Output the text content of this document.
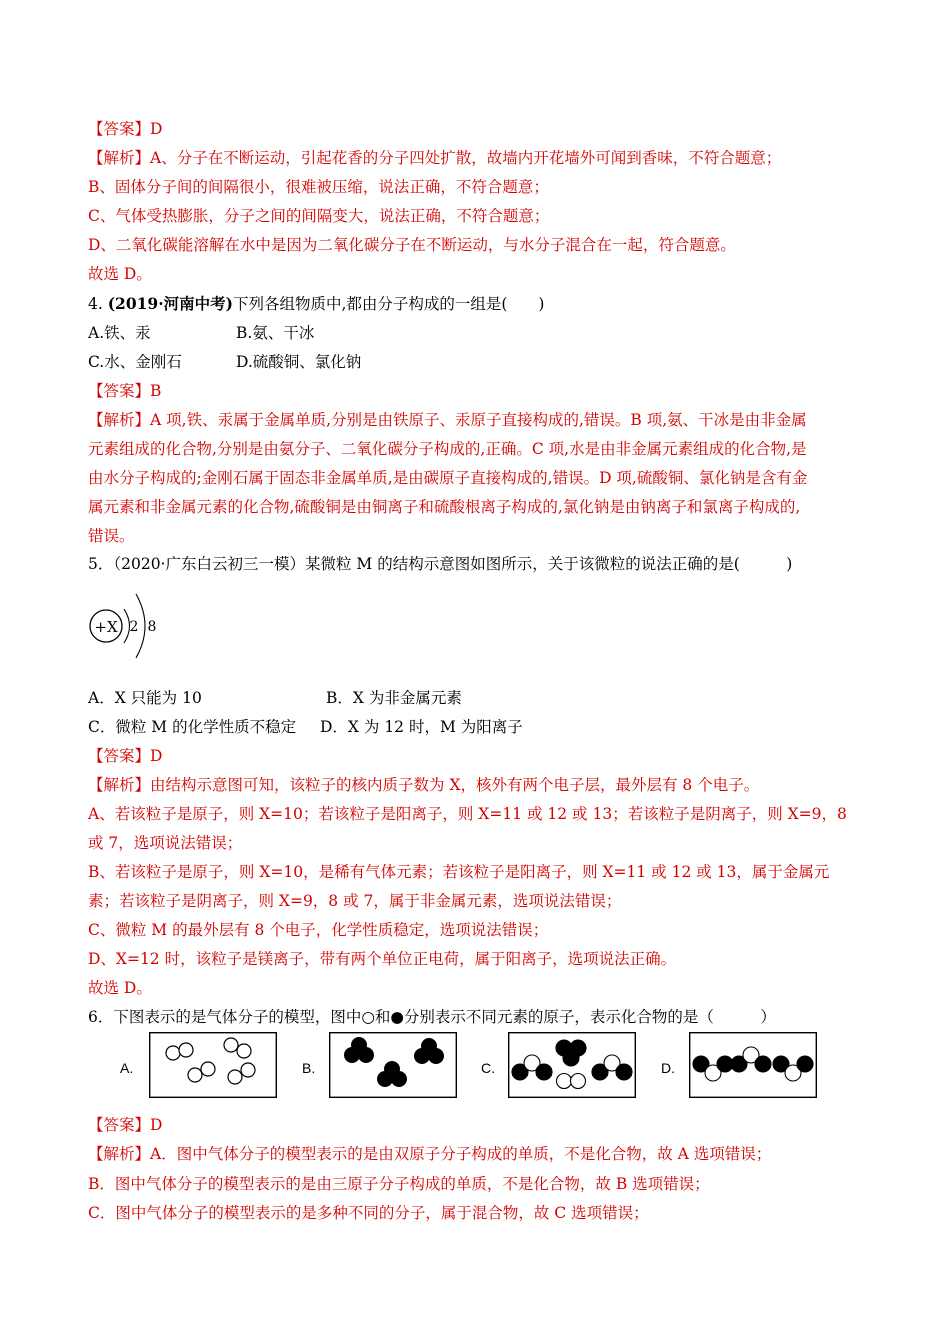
【答案】D
【解析】A、分子在不断运动，引起花香的分子四处扩散，故墙内开花墙外可闻到香味，不符合题意；
B、固体分子间的间隔很小，很难被压缩，说法正确，不符合题意；
C、气体受热膨胀，分子之间的间隔变大，说法正确，不符合题意；
D、二氧化碳能溶解在水中是因为二氧化碳分子在不断运动，与水分子混合在一起，符合题意。
故选 D。
4. (2019·河南中考)下列各组物质中,都由分子构成的一组是(　　)
A.铁、汞	B.氨、干冰
C.水、金刚石	D.硫酸铜、氯化钠
【答案】B
【解析】A 项,铁、汞属于金属单质,分别是由铁原子、汞原子直接构成的,错误。B 项,氨、干冰是由非金属
元素组成的化合物,分别是由氨分子、二氧化碳分子构成的,正确。C 项,水是由非金属元素组成的化合物,是
由水分子构成的;金刚石属于固态非金属单质,是由碳原子直接构成的,错误。D 项,硫酸铜、氯化钠是含有金
属元素和非金属元素的化合物,硫酸铜是由铜离子和硫酸根离子构成的,氯化钠是由钠离子和氯离子构成的,
错误。
5．（2020·广东白云初三一模）某微粒 M 的结构示意图如图所示，关于该微粒的说法正确的是(　　　)
+X 2 8
A．X 只能为 10	B．X 为非金属元素
C．微粒 M 的化学性质不稳定 D．X 为 12 时，M 为阳离子
【答案】D
【解析】由结构示意图可知，该粒子的核内质子数为 X，核外有两个电子层，最外层有 8 个电子。
A、若该粒子是原子，则 X=10；若该粒子是阳离子，则 X=11 或 12 或 13；若该粒子是阴离子，则 X=9，8
或 7，选项说法错误；
B、若该粒子是原子，则 X=10，是稀有气体元素；若该粒子是阳离子，则 X=11 或 12 或 13，属于金属元
素；若该粒子是阴离子，则 X=9，8 或 7，属于非金属元素，选项说法错误；
C、微粒 M 的最外层有 8 个电子，化学性质稳定，选项说法错误；
D、X=12 时，该粒子是镁离子，带有两个单位正电荷，属于阳离子，选项说法正确。
故选 D。
6．下图表示的是气体分子的模型，图中○和●分别表示不同元素的原子，表示化合物的是（　　　）
A.	B.	C.	D.
【答案】D
【解析】A．图中气体分子的模型表示的是由双原子分子构成的单质，不是化合物，故 A 选项错误；
B．图中气体分子的模型表示的是由三原子分子构成的单质，不是化合物，故 B 选项错误；
C．图中气体分子的模型表示的是多种不同的分子，属于混合物，故 C 选项错误；
